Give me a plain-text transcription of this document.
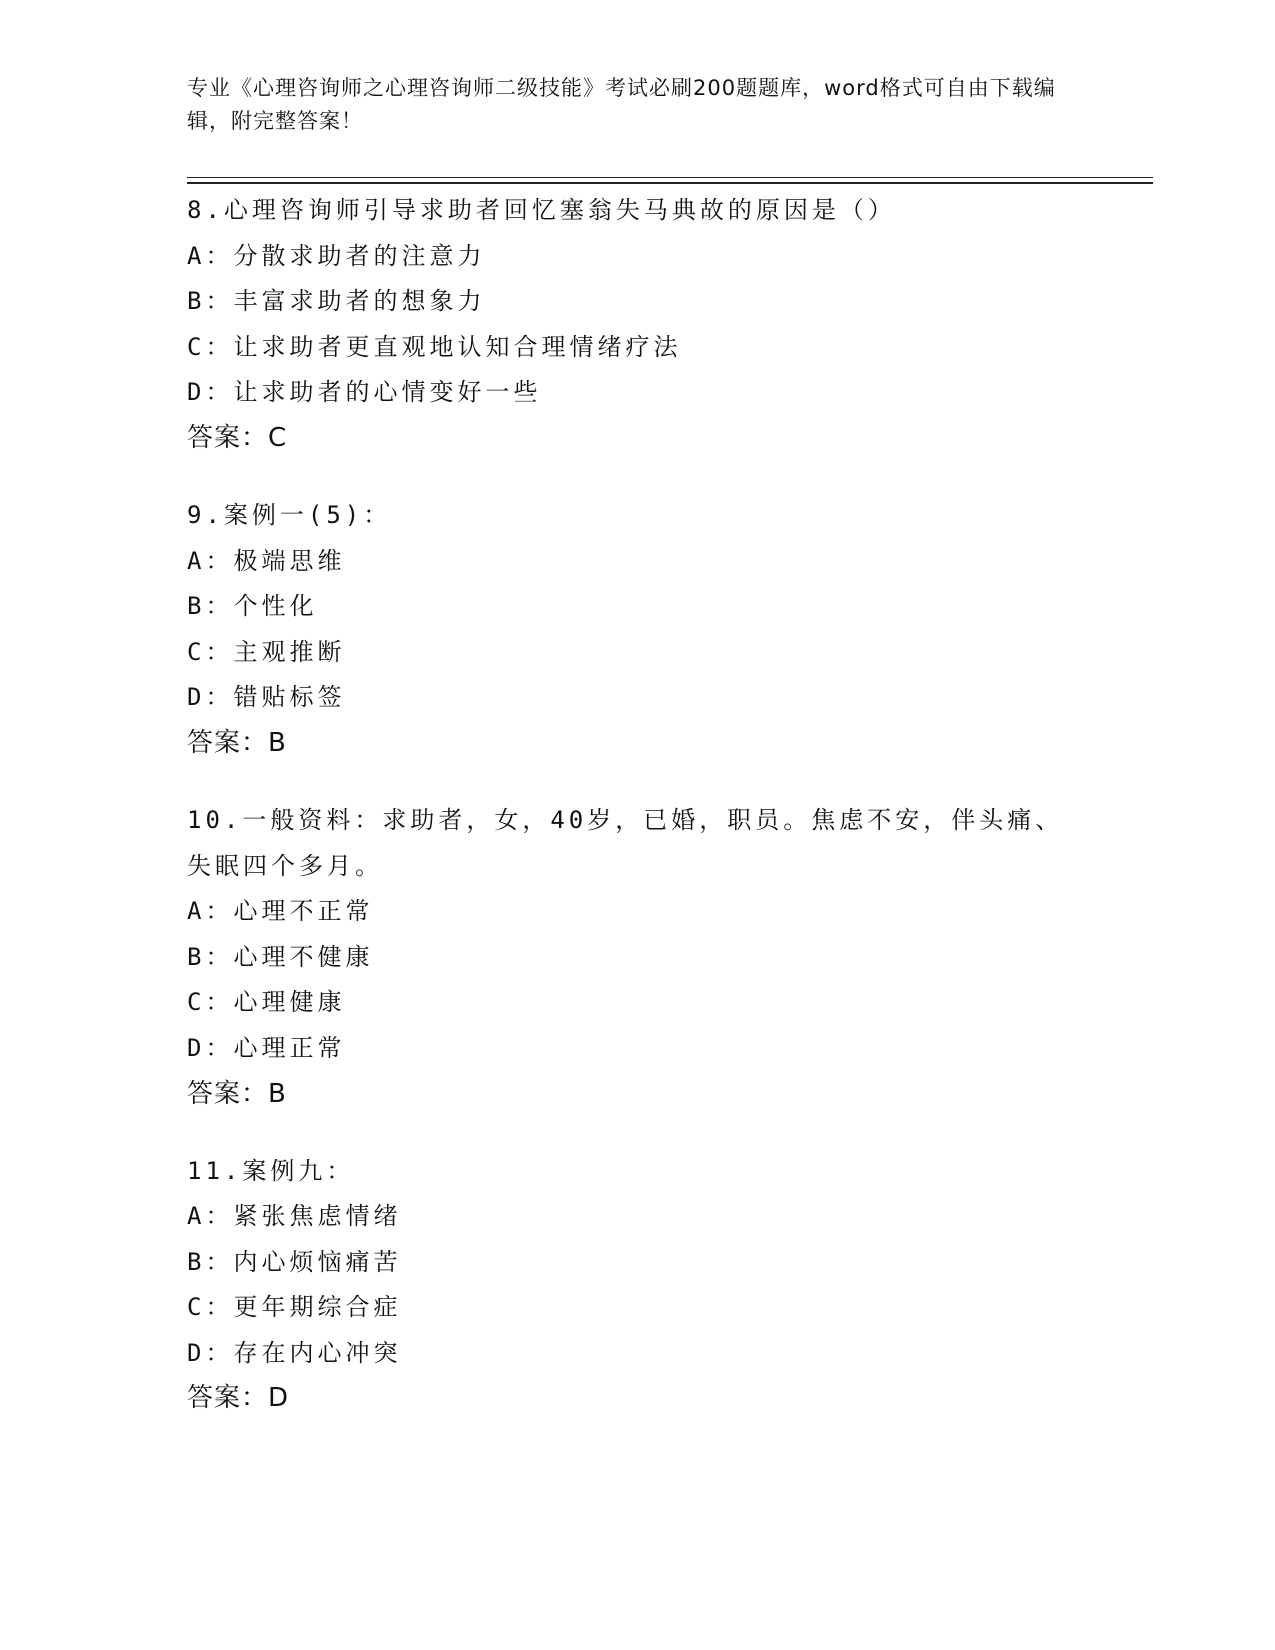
专业《心理咨询师之心理咨询师二级技能》考试必刷200题题库，word格式可自由下载编辑，附完整答案！

8.心理咨询师引导求助者回忆塞翁失马典故的原因是（）

A：分散求助者的注意力

B：丰富求助者的想象力

C：让求助者更直观地认知合理情绪疗法

D：让求助者的心情变好一些

答案：C

9.案例一(5)：

A：极端思维

B：个性化

C：主观推断

D：错贴标签

答案：B

10.一般资料：求助者，女，40岁，已婚，职员。焦虑不安，伴头痛、失眠四个多月。

A：心理不正常

B：心理不健康

C：心理健康

D：心理正常

答案：B

11.案例九：

A：紧张焦虑情绪

B：内心烦恼痛苦

C：更年期综合症

D：存在内心冲突

答案：D
